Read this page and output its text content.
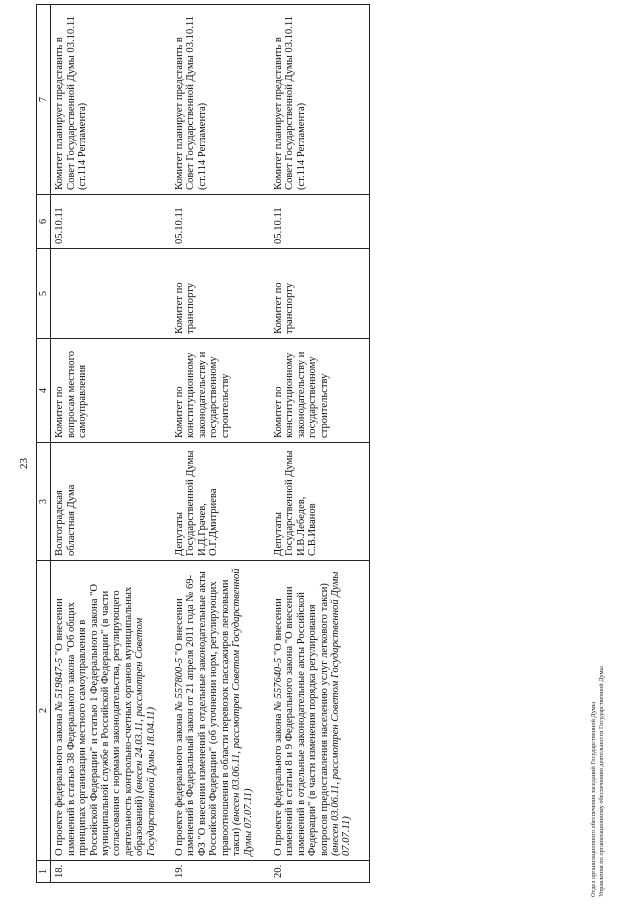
23
1	2	3	4	5	6	7
18.	О проекте федерального закона № 519847-5 "О внесении изменений в статью 38 Федерального закона "Об общих принципах организации местного самоуправления в Российской Федерации" и статью 1 Федерального закона "О муниципальной службе в Российской Федерации" (в части согласования с нормами законодательства, регулирующего деятельность контрольно-счетных органов муниципальных образований) (внесен 24.03.11, рассмотрен Советом Государственной Думы 18.04.11)	Волгоградская областная Дума	Комитет по вопросам местного самоуправления		05.10.11	Комитет планирует представить в Совет Государственной Думы 03.10.11 (ст.114 Регламента)
19.	О проекте федерального закона № 557800-5 "О внесении изменений в Федеральный закон от 21 апреля 2011 года № 69-ФЗ "О внесении изменений в отдельные законодательные акты Российской Федерации" (об уточнении норм, регулирующих правоотношения в области перевозок пассажиров легковыми такси) (внесен 03.06.11, рассмотрен Советом Государственной Думы 07.07.11)	Депутаты Государственной Думы И.Д.Грачев, О.Г.Дмитриева	Комитет по конституционному законодательству и государственному строительству	Комитет по транспорту	05.10.11	Комитет планирует представить в Совет Государственной Думы 03.10.11 (ст.114 Регламента)
20.	О проекте федерального закона № 557640-5 "О внесении изменений в статьи 8 и 9 Федерального закона "О внесении изменений в отдельные законодательные акты Российской Федерации" (в части изменения порядка регулирования вопросов предоставления населению услуг легкового такси) (внесен 03.06.11, рассмотрен Советом Государственной Думы 07.07.11)	Депутаты Государственной Думы И.В.Лебедев, С.В.Иванов	Комитет по конституционному законодательству и государственному строительству	Комитет по транспорту	05.10.11	Комитет планирует представить в Совет Государственной Думы 03.10.11 (ст.114 Регламента)
Отдел организационного обеспечения заседаний Государственной Думы Управления по организационному обеспечению деятельности Государственной Думы
